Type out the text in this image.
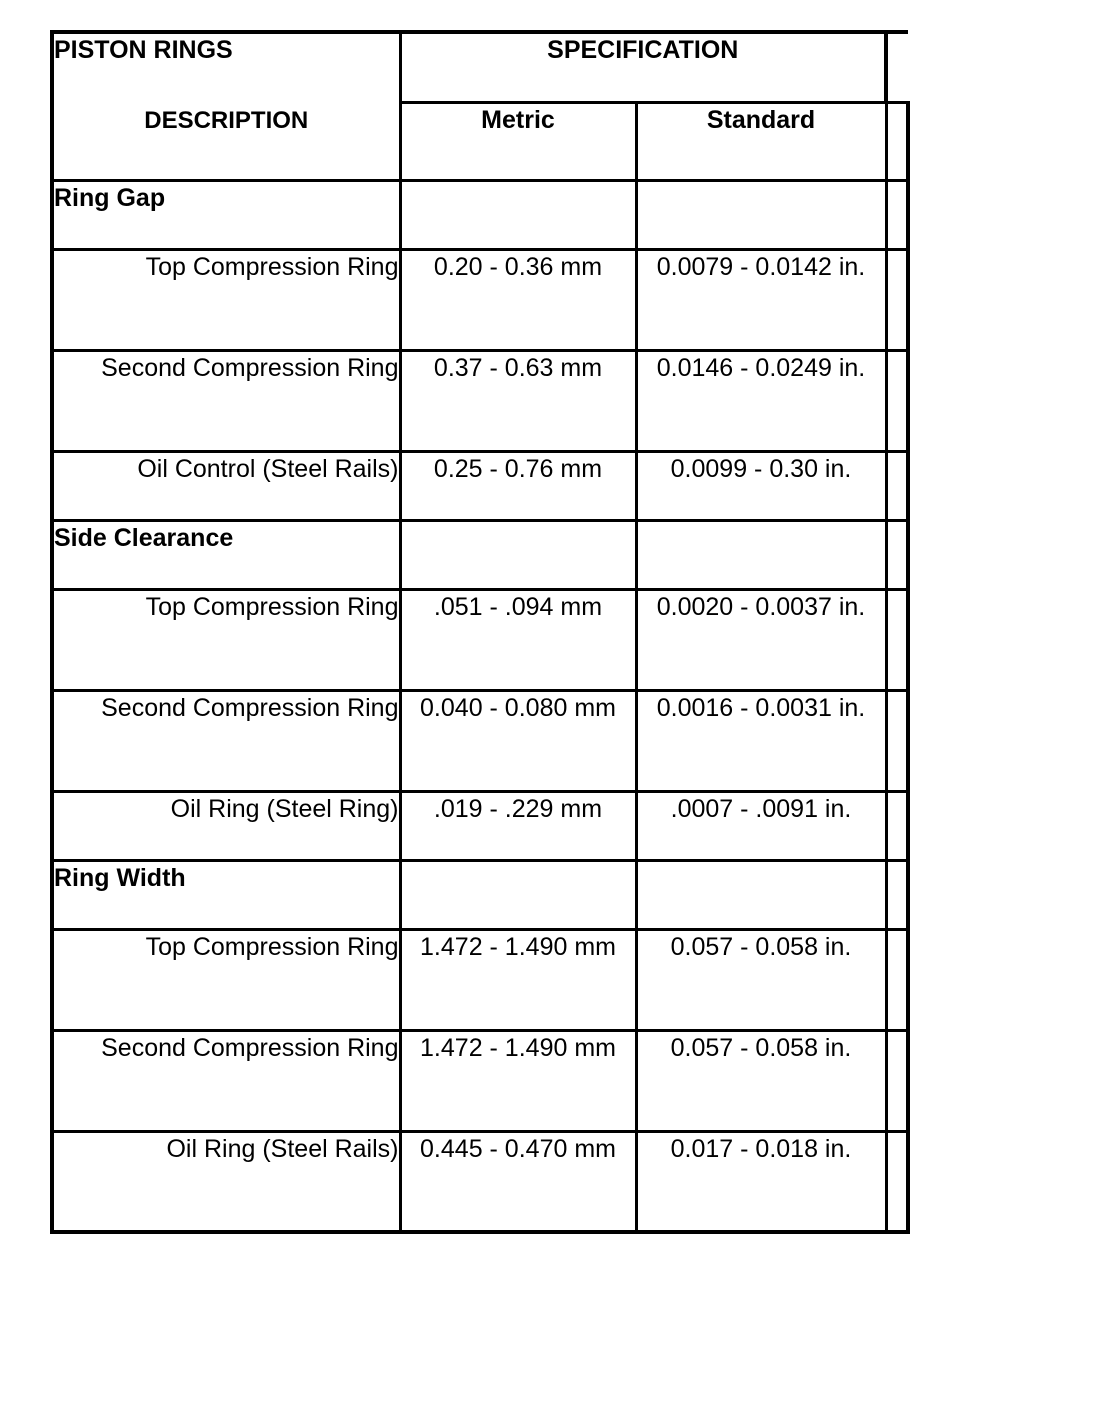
PISTON RINGS
DESCRIPTION	SPECIFICATION		
	Metric	Standard	
Ring Gap			
Top Compression Ring	0.20 - 0.36 mm	0.0079 - 0.0142 in.	
Second Compression Ring	0.37 - 0.63 mm	0.0146 - 0.0249 in.	
Oil Control (Steel Rails)	0.25 - 0.76 mm	0.0099 - 0.30 in.	
Side Clearance			
Top Compression Ring	.051 - .094 mm	0.0020 - 0.0037 in.	
Second Compression Ring	0.040 - 0.080 mm	0.0016 - 0.0031 in.	
Oil Ring (Steel Ring)	.019 - .229 mm	.0007 - .0091 in.	
Ring Width			
Top Compression Ring	1.472 - 1.490 mm	0.057 - 0.058 in.	
Second Compression Ring	1.472 - 1.490 mm	0.057 - 0.058 in.	
Oil Ring (Steel Rails)	0.445 - 0.470 mm	0.017 - 0.018 in.	
